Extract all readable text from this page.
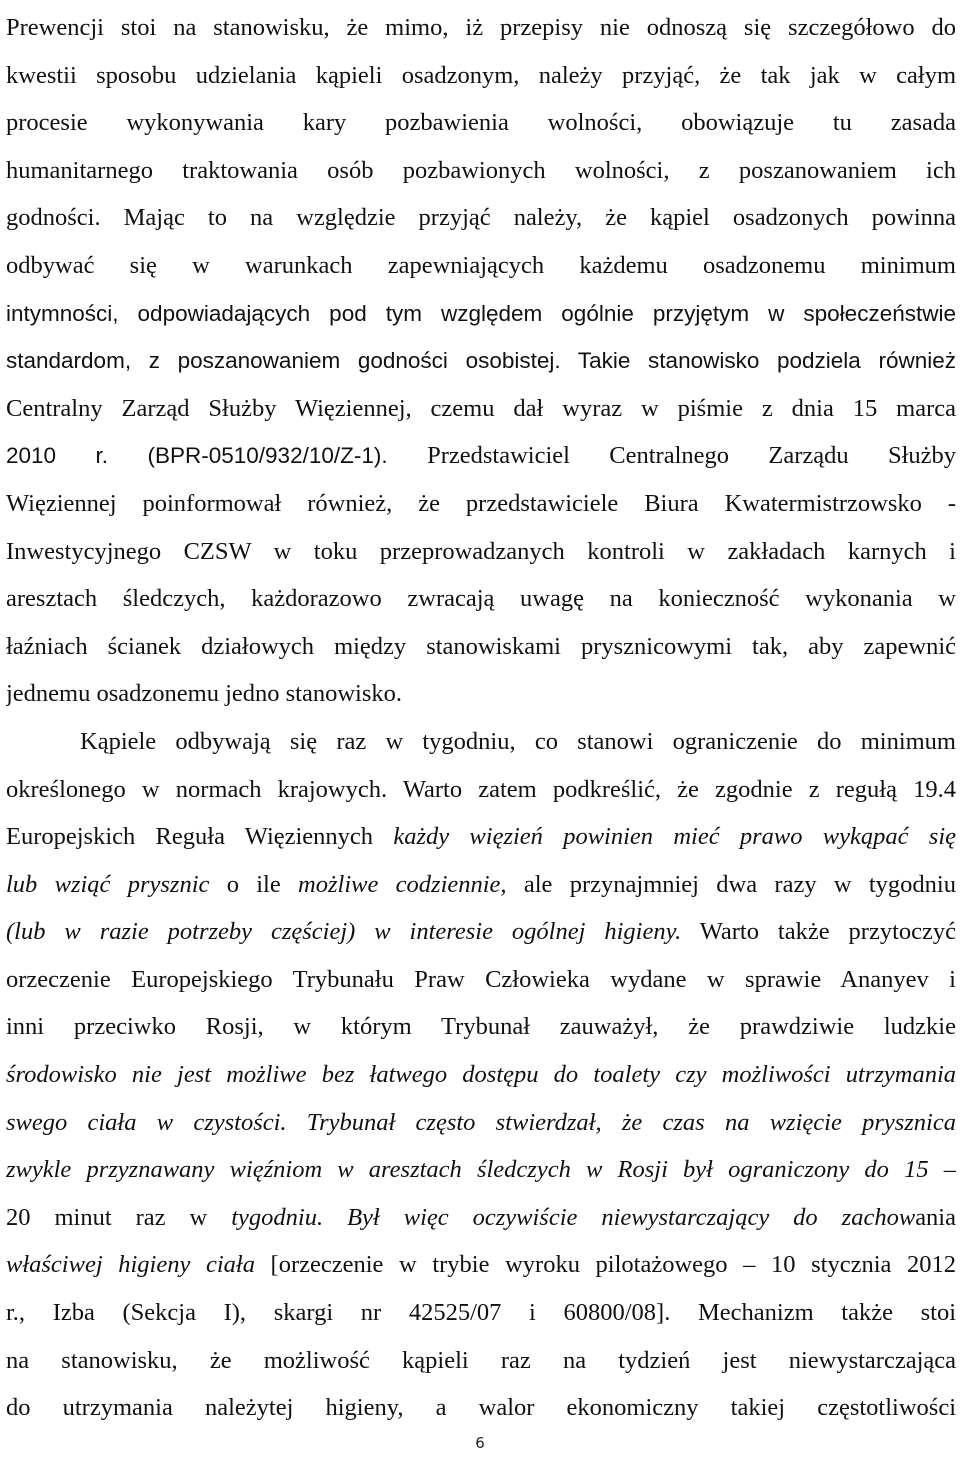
Prewencji stoi na stanowisku, że mimo, iż przepisy nie odnoszą się szczegółowo do
kwestii sposobu udzielania kąpieli osadzonym, należy przyjąć, że tak jak w całym
procesie wykonywania kary pozbawienia wolności, obowiązuje tu zasada
humanitarnego traktowania osób pozbawionych wolności, z poszanowaniem ich
godności. Mając to na względzie przyjąć należy, że kąpiel osadzonych powinna
odbywać się w warunkach zapewniających każdemu osadzonemu minimum
intymności, odpowiadających pod tym względem ogólnie przyjętym w społeczeństwie
standardom, z poszanowaniem godności osobistej. Takie stanowisko podziela również
Centralny Zarząd Służby Więziennej, czemu dał wyraz w piśmie z dnia 15 marca
2010 r. (BPR-0510/932/10/Z-1). Przedstawiciel Centralnego Zarządu Służby
Więziennej poinformował również, że przedstawiciele Biura Kwatermistrzowsko -
Inwestycyjnego CZSW w toku przeprowadzanych kontroli w zakładach karnych i
aresztach śledczych, każdorazowo zwracają uwagę na konieczność wykonania w
łaźniach ścianek działowych między stanowiskami prysznicowymi tak, aby zapewnić
jednemu osadzonemu jedno stanowisko.
Kąpiele odbywają się raz w tygodniu, co stanowi ograniczenie do minimum
określonego w normach krajowych. Warto zatem podkreślić, że zgodnie z regułą 19.4
Europejskich Reguła Więziennych każdy więzień powinien mieć prawo wykąpać się
lub wziąć prysznic o ile możliwe codziennie, ale przynajmniej dwa razy w tygodniu
(lub w razie potrzeby częściej) w interesie ogólnej higieny. Warto także przytoczyć
orzeczenie Europejskiego Trybunału Praw Człowieka wydane w sprawie Ananyev i
inni przeciwko Rosji, w którym Trybunał zauważył, że prawdziwie ludzkie
środowisko nie jest możliwe bez łatwego dostępu do toalety czy możliwości utrzymania
swego ciała w czystości. Trybunał często stwierdzał, że czas na wzięcie prysznica
zwykle przyznawany więźniom w aresztach śledczych w Rosji był ograniczony do 15 –
20 minut raz w tygodniu. Był więc oczywiście niewystarczający do zachowania
właściwej higieny ciała [orzeczenie w trybie wyroku pilotażowego – 10 stycznia 2012
r., Izba (Sekcja I), skargi nr 42525/07 i 60800/08]. Mechanizm także stoi
na stanowisku, że możliwość kąpieli raz na tydzień jest niewystarczająca
do utrzymania należytej higieny, a walor ekonomiczny takiej częstotliwości
6
